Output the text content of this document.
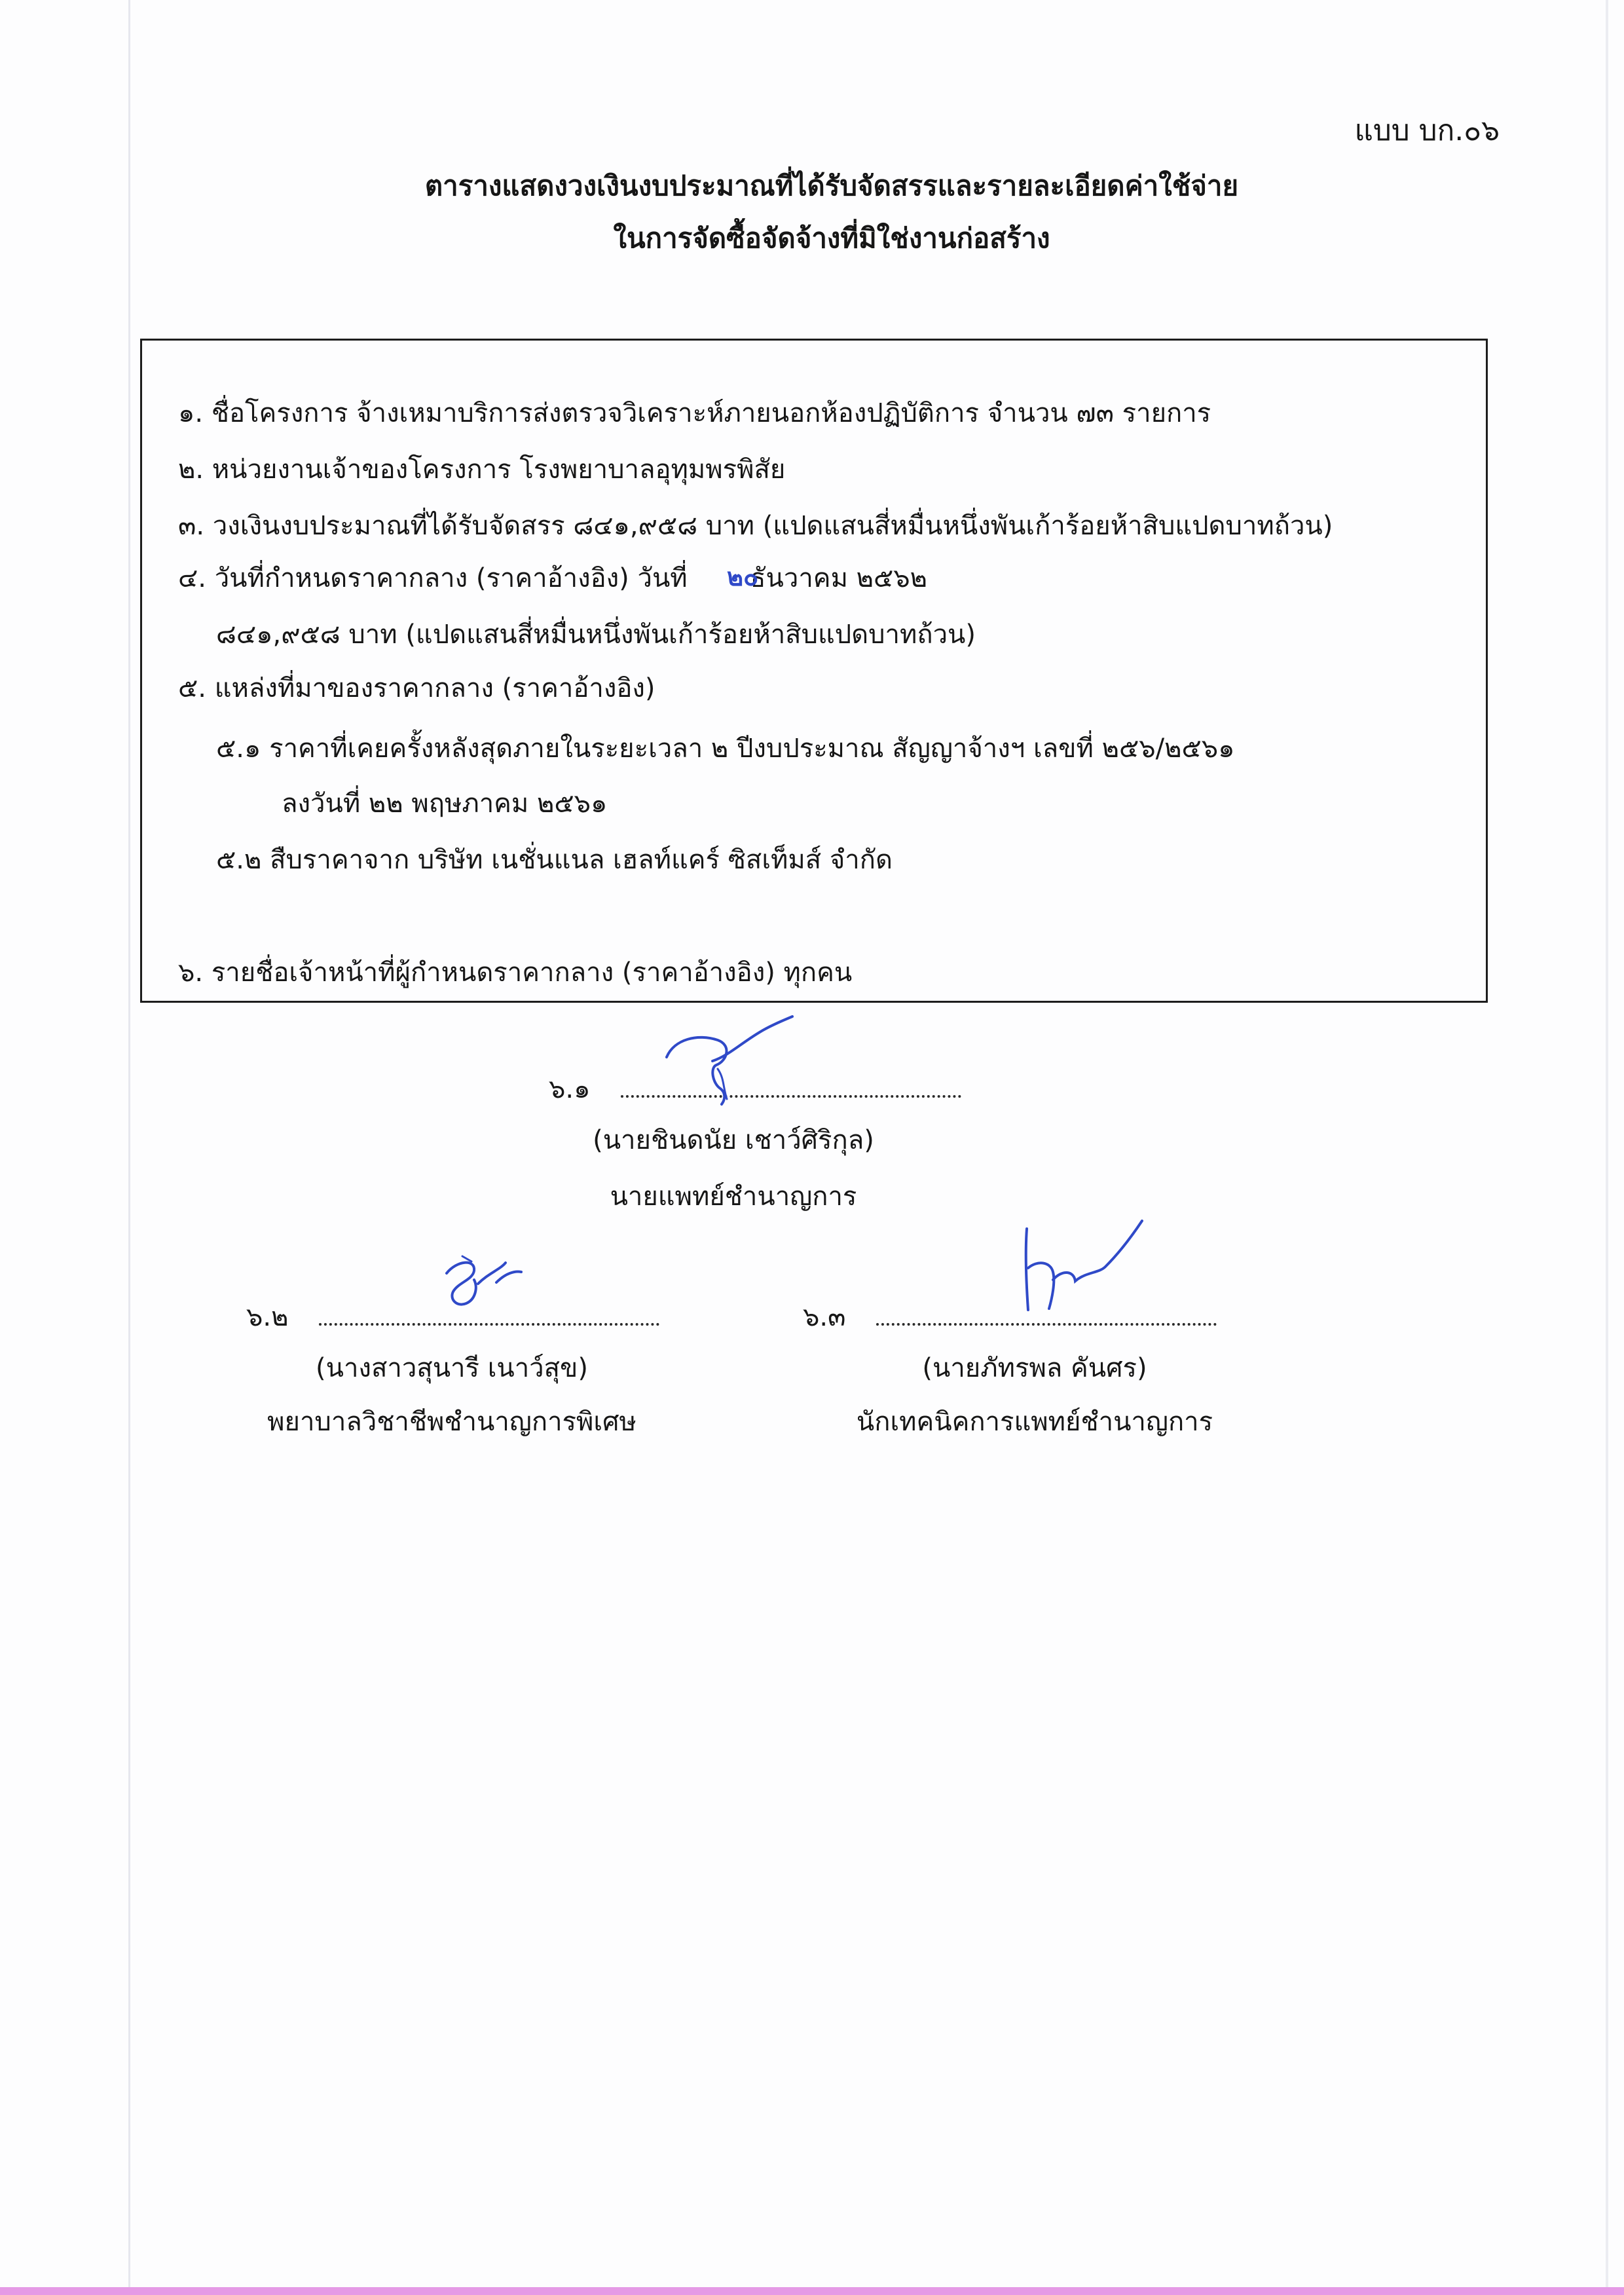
แบบ บก.๐๖
ตารางแสดงวงเงินงบประมาณที่ได้รับจัดสรรและรายละเอียดค่าใช้จ่าย
ในการจัดซื้อจัดจ้างที่มิใช่งานก่อสร้าง
๑. ชื่อโครงการ จ้างเหมาบริการส่งตรวจวิเคราะห์ภายนอกห้องปฏิบัติการ จำนวน ๗๓ รายการ
๒. หน่วยงานเจ้าของโครงการ โรงพยาบาลอุทุมพรพิสัย
๓. วงเงินงบประมาณที่ได้รับจัดสรร ๘๔๑,๙๕๘ บาท (แปดแสนสี่หมื่นหนึ่งพันเก้าร้อยห้าสิบแปดบาทถ้วน)
๔. วันที่กำหนดราคากลาง (ราคาอ้างอิง) วันที่ ธันวาคม ๒๕๖๒
๒๐
๘๔๑,๙๕๘ บาท (แปดแสนสี่หมื่นหนึ่งพันเก้าร้อยห้าสิบแปดบาทถ้วน)
๕. แหล่งที่มาของราคากลาง (ราคาอ้างอิง)
๕.๑ ราคาที่เคยครั้งหลังสุดภายในระยะเวลา ๒ ปีงบประมาณ สัญญาจ้างฯ เลขที่ ๒๕๖/๒๕๖๑
ลงวันที่ ๒๒ พฤษภาคม ๒๕๖๑
๕.๒ สืบราคาจาก บริษัท เนชั่นแนล เฮลท์แคร์ ซิสเท็มส์ จำกัด
๖. รายชื่อเจ้าหน้าที่ผู้กำหนดราคากลาง (ราคาอ้างอิง) ทุกคน
๖.๑
(นายชินดนัย เชาว์ศิริกุล)
นายแพทย์ชำนาญการ
๖.๒
(นางสาวสุนารี เนาว์สุข)
พยาบาลวิชาชีพชำนาญการพิเศษ
๖.๓
(นายภัทรพล คันศร)
นักเทคนิคการแพทย์ชำนาญการ
